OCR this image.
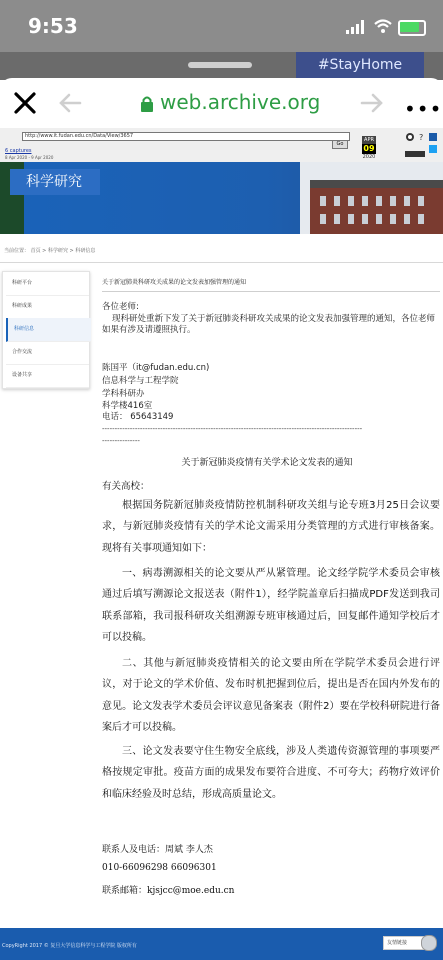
9:53
#StayHome
web.archive.org	•••
http://www.it.fudan.edu.cn/Data/View/3657
Go
6 captures
8 Apr 2020 - 9 Apr 2020
APR
09
2020
?
科学研究
当前位置： 首页 > 科学研究 > 科研信息
科研平台
科研成果
科研信息
合作交流
设备共享
关于新冠肺炎科研攻关成果的论文发表加强管理的通知
各位老师:
现科研处重新下发了关于新冠肺炎科研攻关成果的论文发表加强管理的通知，各位老师如果有涉及请遵照执行。
陈国平（it@fudan.edu.cn)
信息科学与工程学院
学科科研办
科学楼416室
电话： 65643149
-------------------------------------------------------------------------------------------------------
---------------
关于新冠肺炎疫情有关学术论文发表的通知
有关高校：
根据国务院新冠肺炎疫情防控机制科研攻关组与论专班3月25日会议要求，与新冠肺炎疫情有关的学术论文需采用分类管理的方式进行审核备案。现将有关事项通知如下：
一、病毒溯源相关的论文要从严从紧管理。论文经学院学术委员会审核通过后填写溯源论文报送表（附件1），经学院盖章后扫描成PDF发送到我司联系部箱，我司报科研攻关组溯源专班审核通过后，回复邮件通知学校后才可以投稿。
二、其他与新冠肺炎疫情相关的论文要由所在学院学术委员会进行评议，对于论文的学术价值、发布时机把握到位后，提出是否在国内外发布的意见。论文发表学术委员会评议意见备案表（附件2）要在学校科研院进行备案后才可以投稿。
三、论文发表要守住生物安全底线，涉及人类遗传资源管理的事项要严格按规定审批。疫苗方面的成果发布要符合进度、不可夸大；药物疗效评价和临床经验及时总结，形成高质量论文。
联系人及电话：周斌 李人杰
010-66096298 66096301
联系邮箱：kjsjcc@moe.edu.cn
CopyRight 2017 © 复旦大学信息科学与工程学院 版权所有	友情链接
